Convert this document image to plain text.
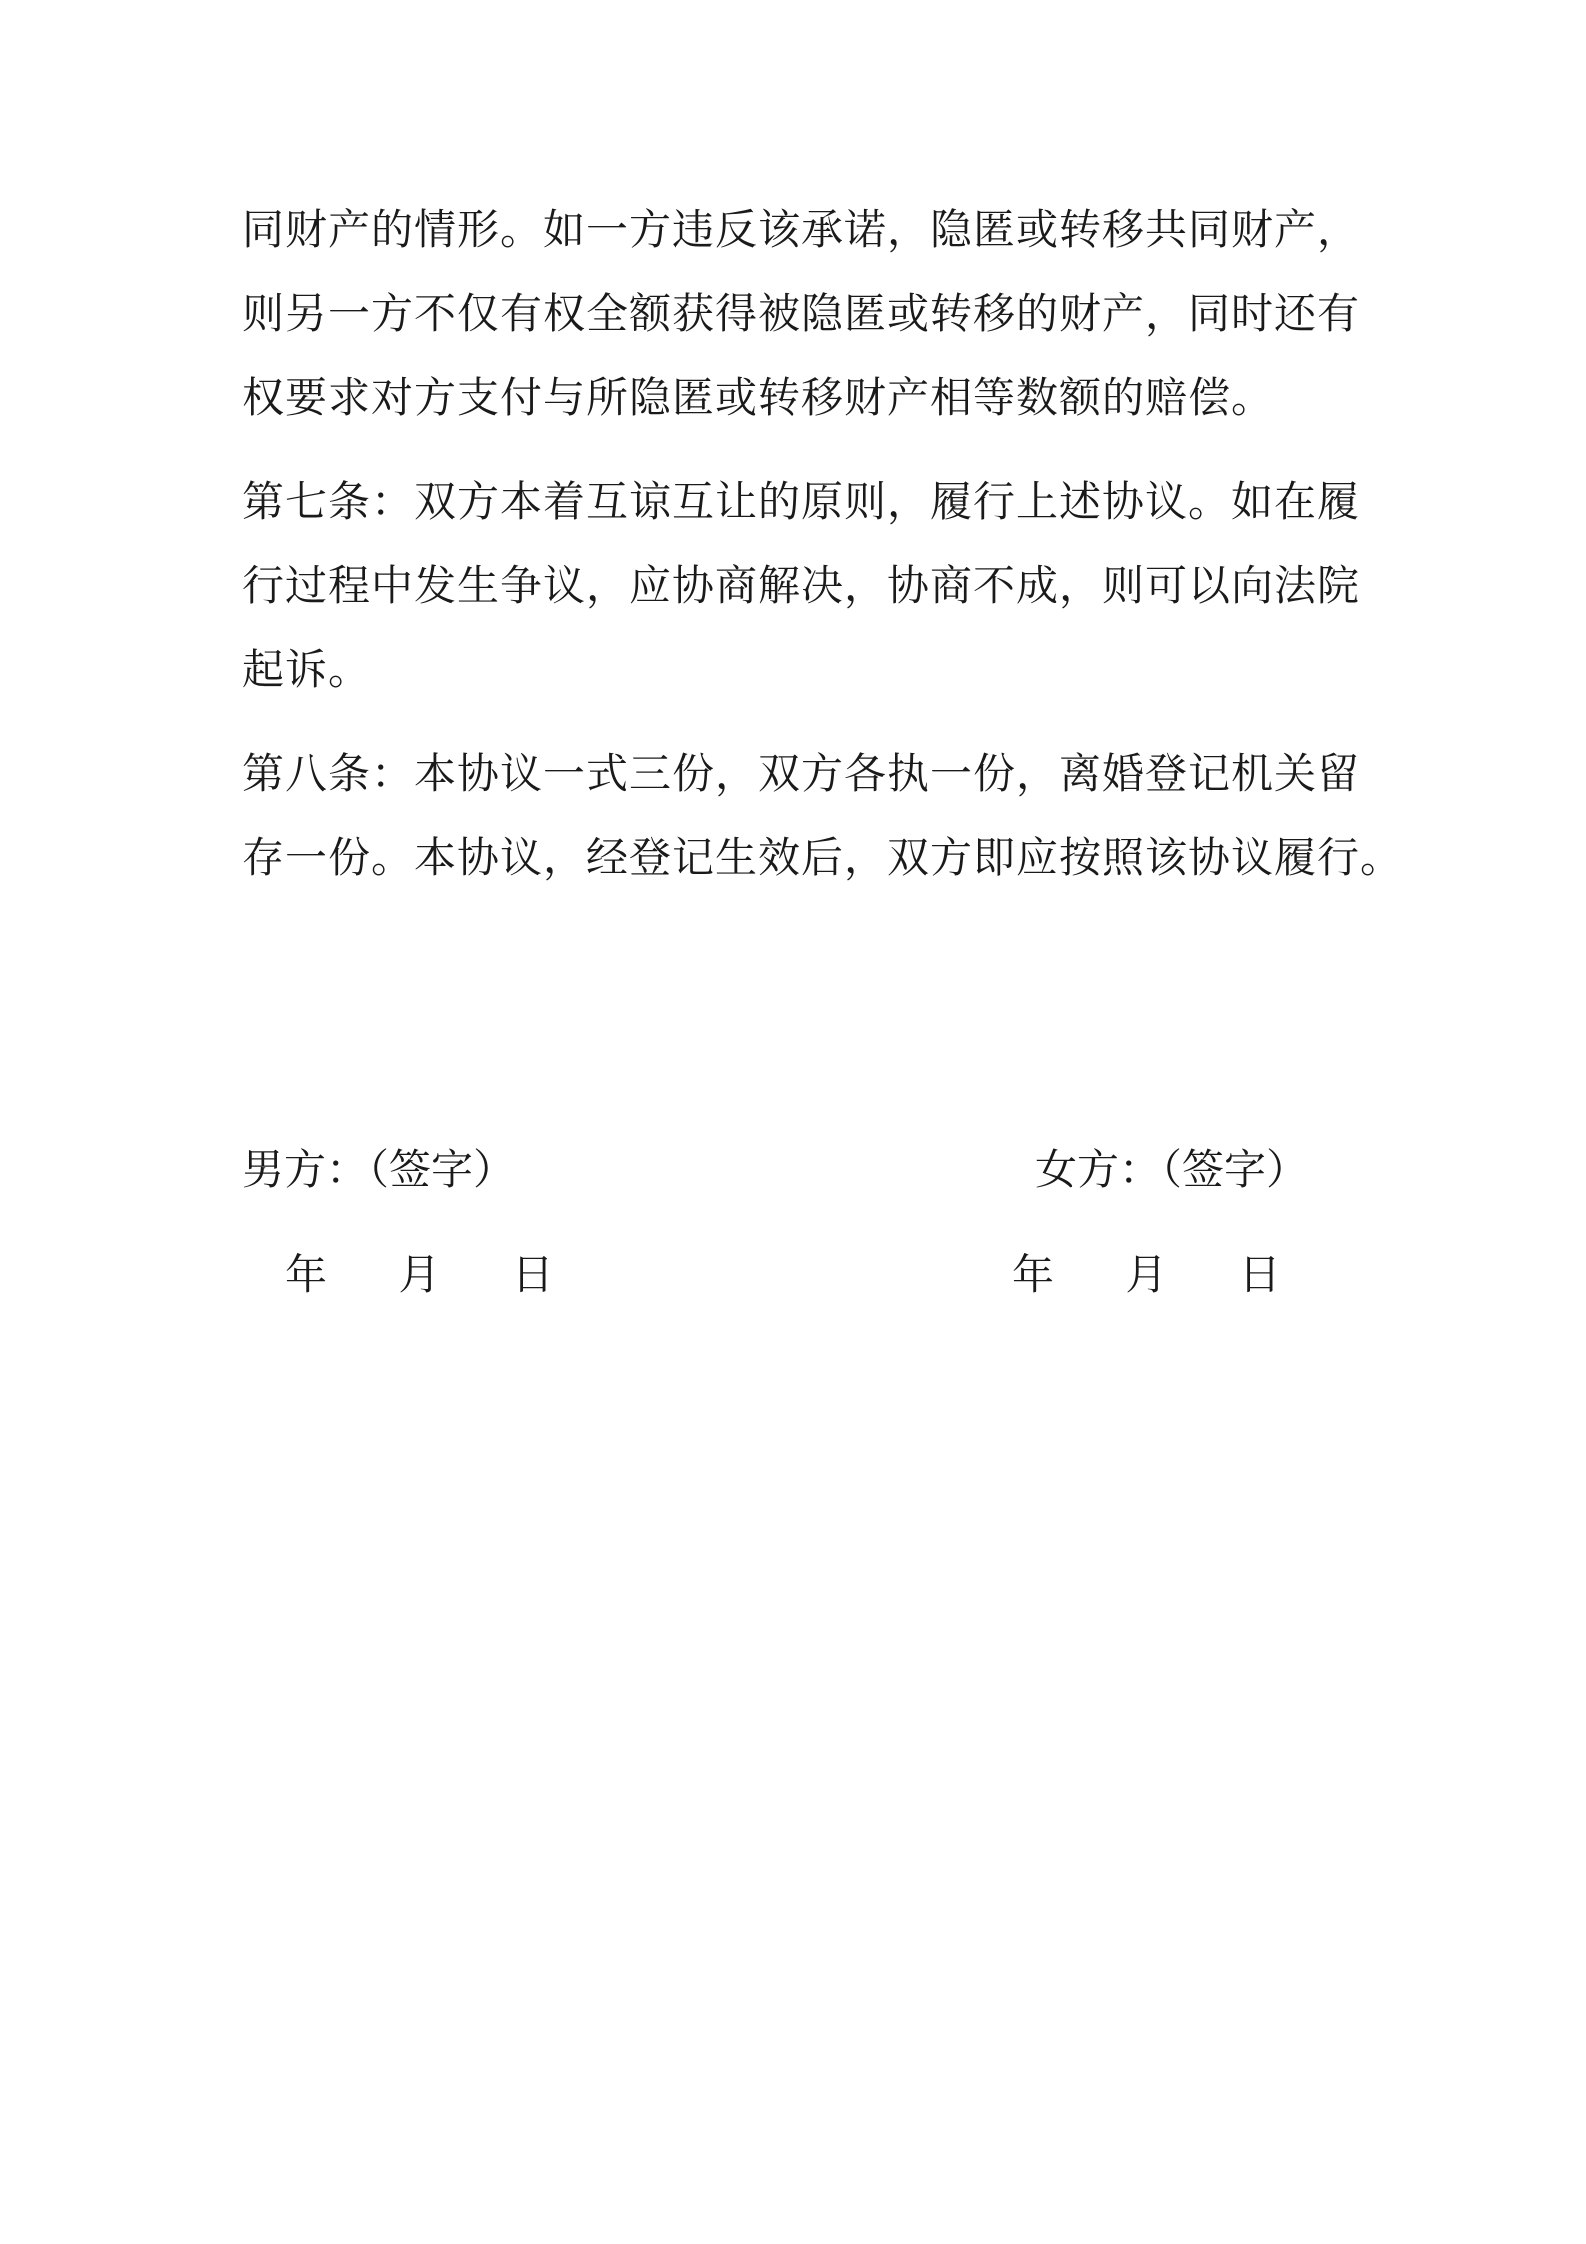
同财产的情形。如一方违反该承诺，隐匿或转移共同财产，
则另一方不仅有权全额获得被隐匿或转移的财产，同时还有
权要求对方支付与所隐匿或转移财产相等数额的赔偿。
第七条：双方本着互谅互让的原则，履行上述协议。如在履
行过程中发生争议，应协商解决，协商不成，则可以向法院
起诉。
第八条：本协议一式三份，双方各执一份，离婚登记机关留
存一份。本协议，经登记生效后，双方即应按照该协议履行。
男方：（签字）	女方：（签字）
年 月 日	年 月 日
